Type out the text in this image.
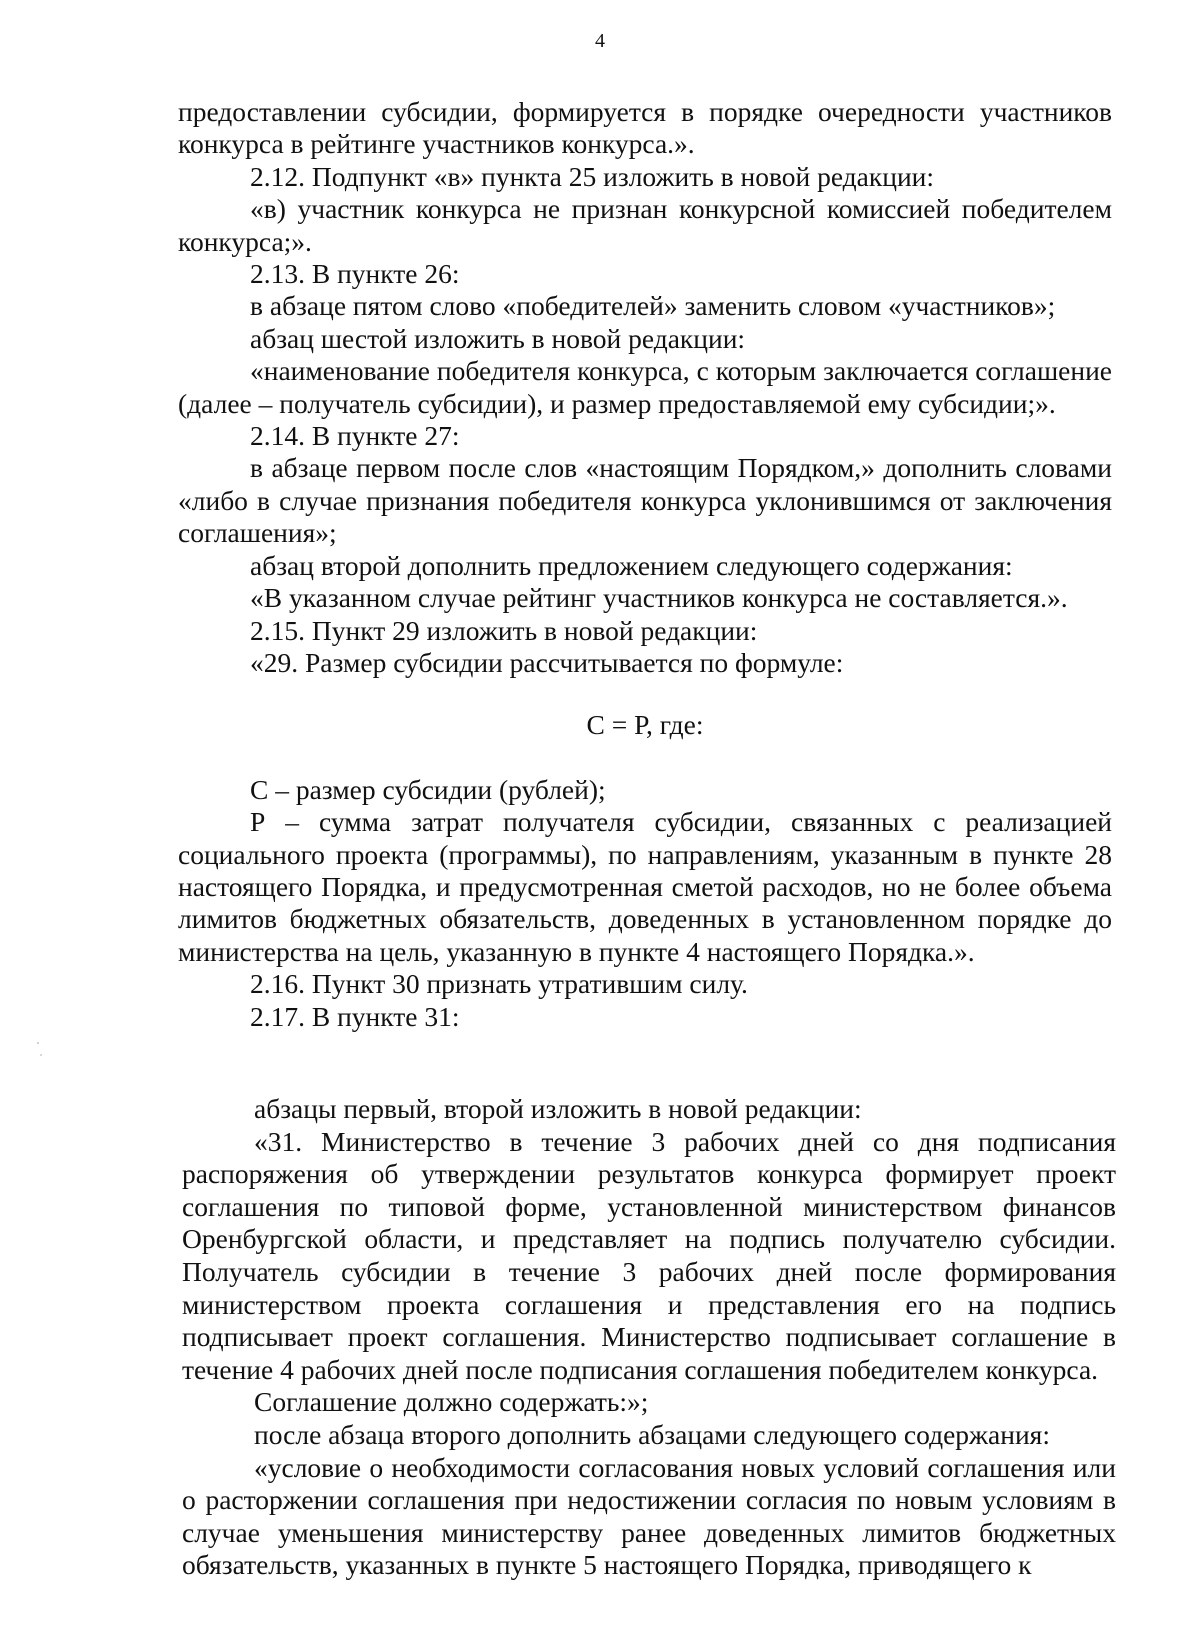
4

предоставлении субсидии, формируется в порядке очередности участников конкурса в рейтинге участников конкурса.».

2.12. Подпункт «в» пункта 25 изложить в новой редакции:

«в) участник конкурса не признан конкурсной комиссией победителем конкурса;».

2.13. В пункте 26:

в абзаце пятом слово «победителей» заменить словом «участников»;

абзац шестой изложить в новой редакции:

«наименование победителя конкурса, с которым заключается соглашение (далее – получатель субсидии), и размер предоставляемой ему субсидии;».

2.14. В пункте 27:

в абзаце первом после слов «настоящим Порядком,» дополнить словами «либо в случае признания победителя конкурса уклонившимся от заключения соглашения»;

абзац второй дополнить предложением следующего содержания:

«В указанном случае рейтинг участников конкурса не составляется.».

2.15. Пункт 29 изложить в новой редакции:

«29. Размер субсидии рассчитывается по формуле:

С = Р, где:

С – размер субсидии (рублей);

Р – сумма затрат получателя субсидии, связанных с реализацией социального проекта (программы), по направлениям, указанным в пункте 28 настоящего Порядка, и предусмотренная сметой расходов, но не более объема лимитов бюджетных обязательств, доведенных в установленном порядке до министерства на цель, указанную в пункте 4 настоящего Порядка.».

2.16. Пункт 30 признать утратившим силу.

2.17. В пункте 31:

абзацы первый, второй изложить в новой редакции:

«31. Министерство в течение 3 рабочих дней со дня подписания распоряжения об утверждении результатов конкурса формирует проект соглашения по типовой форме, установленной министерством финансов Оренбургской области, и представляет на подпись получателю субсидии. Получатель субсидии в течение 3 рабочих дней после формирования министерством проекта соглашения и представления его на подпись подписывает проект соглашения. Министерство подписывает соглашение в течение 4 рабочих дней после подписания соглашения победителем конкурса.

Соглашение должно содержать:»;

после абзаца второго дополнить абзацами следующего содержания:

«условие о необходимости согласования новых условий соглашения или о расторжении соглашения при недостижении согласия по новым условиям в случае уменьшения министерству ранее доведенных лимитов бюджетных обязательств, указанных в пункте 5 настоящего Порядка, приводящего к
